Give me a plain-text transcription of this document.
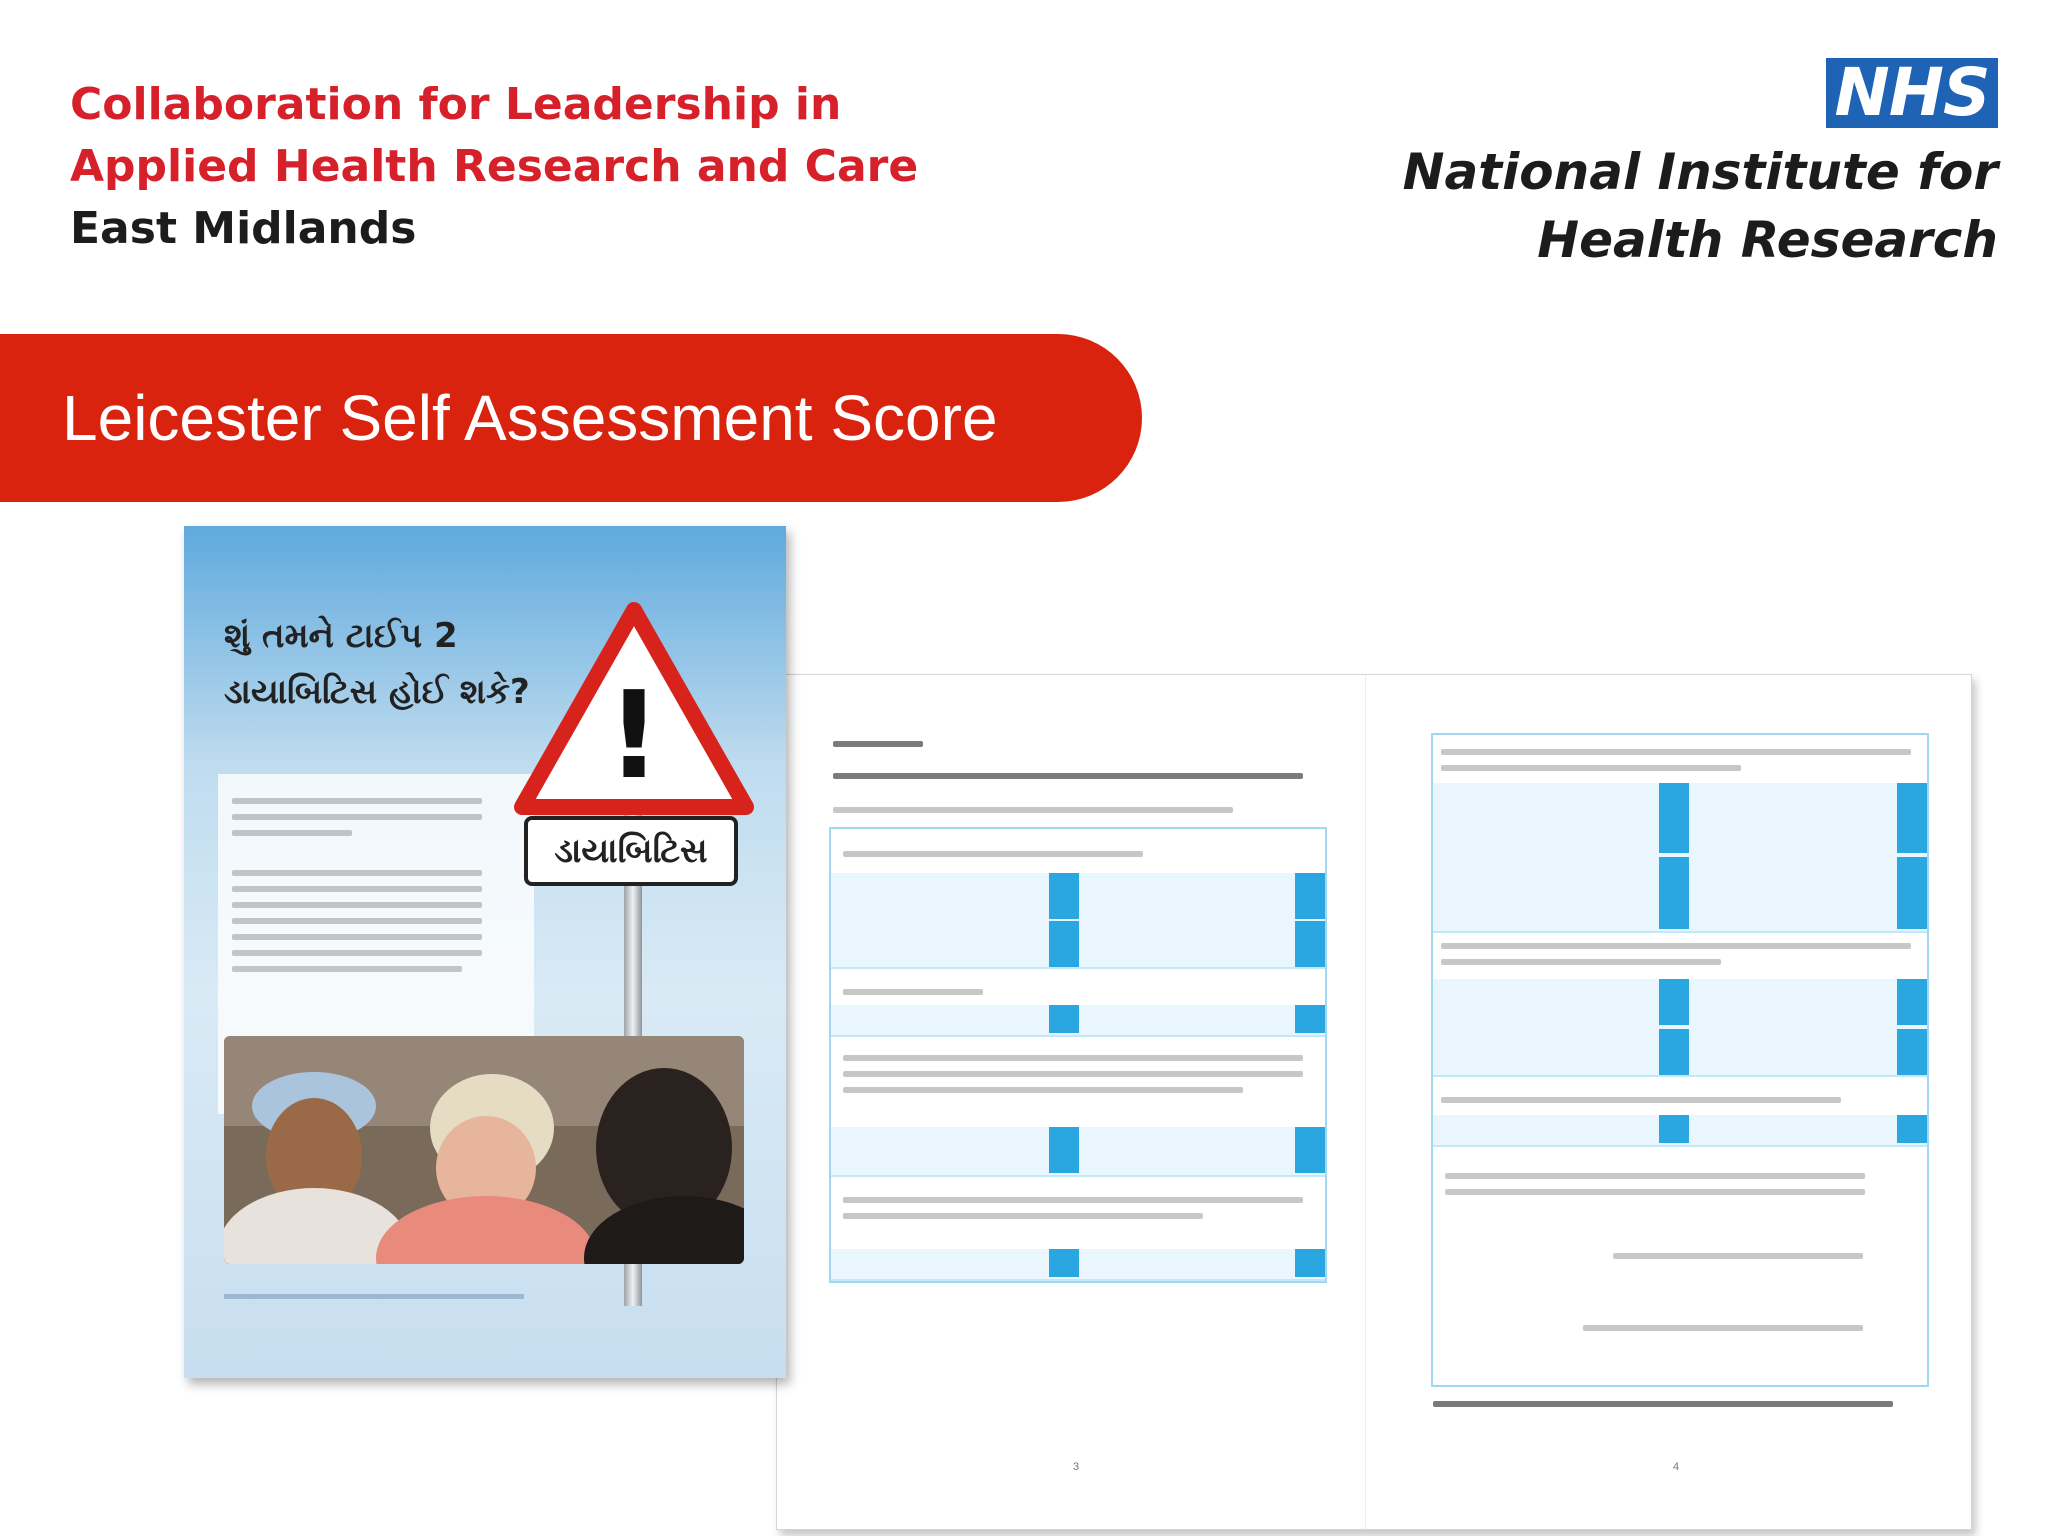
Collaboration for Leadership in
Applied Health Research and Care
East Midlands
NHS
National Institute for
Health Research
Leicester Self Assessment Score
3	4
શું તમને ટાઈપ 2
ડાયાબિટિસ હોઈ શકે? !
ડાયાબિટિસ
